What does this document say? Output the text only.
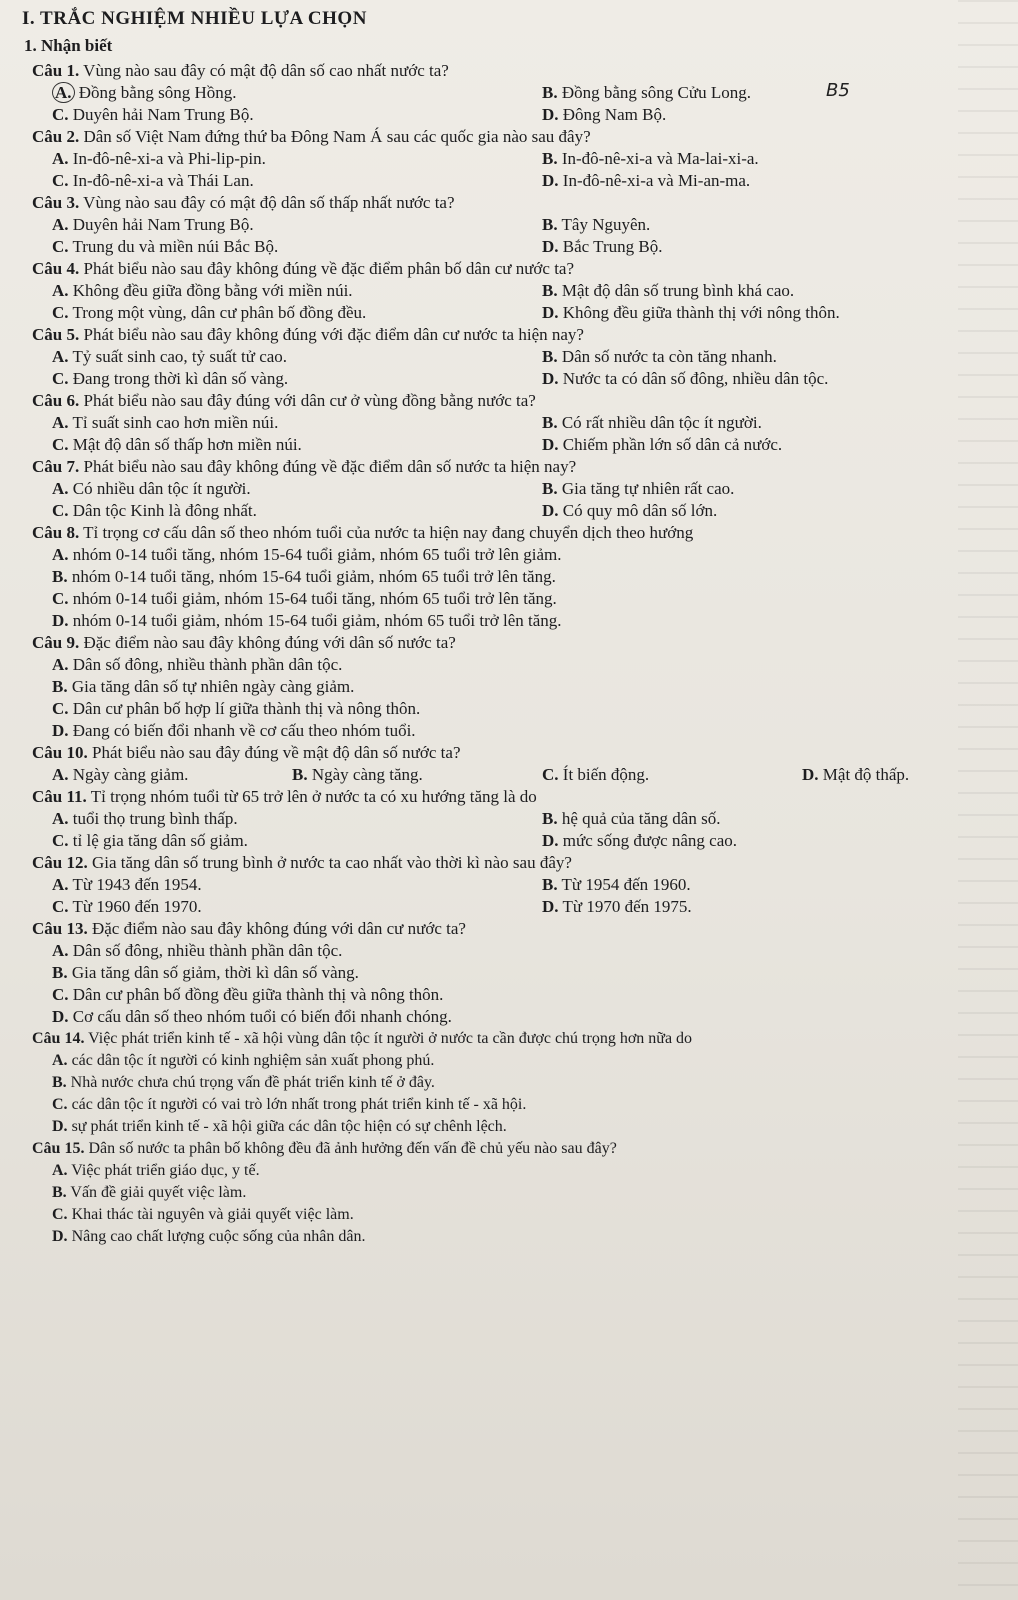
I. TRẮC NGHIỆM NHIỀU LỰA CHỌN
1. Nhận biết
Câu 1. Vùng nào sau đây có mật độ dân số cao nhất nước ta?
A. Đồng bằng sông Hồng.	B. Đồng bằng sông Cửu Long.
C. Duyên hải Nam Trung Bộ.	D. Đông Nam Bộ.
Câu 2. Dân số Việt Nam đứng thứ ba Đông Nam Á sau các quốc gia nào sau đây?
A. In-đô-nê-xi-a và Phi-lip-pin.	B. In-đô-nê-xi-a và Ma-lai-xi-a.
C. In-đô-nê-xi-a và Thái Lan.	D. In-đô-nê-xi-a và Mi-an-ma.
Câu 3. Vùng nào sau đây có mật độ dân số thấp nhất nước ta?
A. Duyên hải Nam Trung Bộ.	B. Tây Nguyên.
C. Trung du và miền núi Bắc Bộ.	D. Bắc Trung Bộ.
Câu 4. Phát biểu nào sau đây không đúng về đặc điểm phân bố dân cư nước ta?
A. Không đều giữa đồng bằng với miền núi.	B. Mật độ dân số trung bình khá cao.
C. Trong một vùng, dân cư phân bố đồng đều.	D. Không đều giữa thành thị với nông thôn.
Câu 5. Phát biểu nào sau đây không đúng với đặc điểm dân cư nước ta hiện nay?
A. Tỷ suất sinh cao, tỷ suất tử cao.	B. Dân số nước ta còn tăng nhanh.
C. Đang trong thời kì dân số vàng.	D. Nước ta có dân số đông, nhiều dân tộc.
Câu 6. Phát biểu nào sau đây đúng với dân cư ở vùng đồng bằng nước ta?
A. Tỉ suất sinh cao hơn miền núi.	B. Có rất nhiều dân tộc ít người.
C. Mật độ dân số thấp hơn miền núi.	D. Chiếm phần lớn số dân cả nước.
Câu 7. Phát biểu nào sau đây không đúng về đặc điểm dân số nước ta hiện nay?
A. Có nhiều dân tộc ít người.	B. Gia tăng tự nhiên rất cao.
C. Dân tộc Kinh là đông nhất.	D. Có quy mô dân số lớn.
Câu 8. Tỉ trọng cơ cấu dân số theo nhóm tuổi của nước ta hiện nay đang chuyển dịch theo hướng
A. nhóm 0-14 tuổi tăng, nhóm 15-64 tuổi giảm, nhóm 65 tuổi trở lên giảm.
B. nhóm 0-14 tuổi tăng, nhóm 15-64 tuổi giảm, nhóm 65 tuổi trở lên tăng.
C. nhóm 0-14 tuổi giảm, nhóm 15-64 tuổi tăng, nhóm 65 tuổi trở lên tăng.
D. nhóm 0-14 tuổi giảm, nhóm 15-64 tuổi giảm, nhóm 65 tuổi trở lên tăng.
Câu 9. Đặc điểm nào sau đây không đúng với dân số nước ta?
A. Dân số đông, nhiều thành phần dân tộc.
B. Gia tăng dân số tự nhiên ngày càng giảm.
C. Dân cư phân bố hợp lí giữa thành thị và nông thôn.
D. Đang có biến đổi nhanh về cơ cấu theo nhóm tuổi.
Câu 10. Phát biểu nào sau đây đúng về mật độ dân số nước ta?
A. Ngày càng giảm.	B. Ngày càng tăng.	C. Ít biến động.	D. Mật độ thấp.
Câu 11. Tỉ trọng nhóm tuổi từ 65 trở lên ở nước ta có xu hướng tăng là do
A. tuổi thọ trung bình thấp.	B. hệ quả của tăng dân số.
C. tỉ lệ gia tăng dân số giảm.	D. mức sống được nâng cao.
Câu 12. Gia tăng dân số trung bình ở nước ta cao nhất vào thời kì nào sau đây?
A. Từ 1943 đến 1954.	B. Từ 1954 đến 1960.
C. Từ 1960 đến 1970.	D. Từ 1970 đến 1975.
Câu 13. Đặc điểm nào sau đây không đúng với dân cư nước ta?
A. Dân số đông, nhiều thành phần dân tộc.
B. Gia tăng dân số giảm, thời kì dân số vàng.
C. Dân cư phân bố đồng đều giữa thành thị và nông thôn.
D. Cơ cấu dân số theo nhóm tuổi có biến đổi nhanh chóng.
Câu 14. Việc phát triển kinh tế - xã hội vùng dân tộc ít người ở nước ta cần được chú trọng hơn nữa do
A. các dân tộc ít người có kinh nghiệm sản xuất phong phú.
B. Nhà nước chưa chú trọng vấn đề phát triển kinh tế ở đây.
C. các dân tộc ít người có vai trò lớn nhất trong phát triển kinh tế - xã hội.
D. sự phát triển kinh tế - xã hội giữa các dân tộc hiện có sự chênh lệch.
Câu 15. Dân số nước ta phân bố không đều đã ảnh hưởng đến vấn đề chủ yếu nào sau đây?
A. Việc phát triển giáo dục, y tế.
B. Vấn đề giải quyết việc làm.
C. Khai thác tài nguyên và giải quyết việc làm.
D. Nâng cao chất lượng cuộc sống của nhân dân.
B5
